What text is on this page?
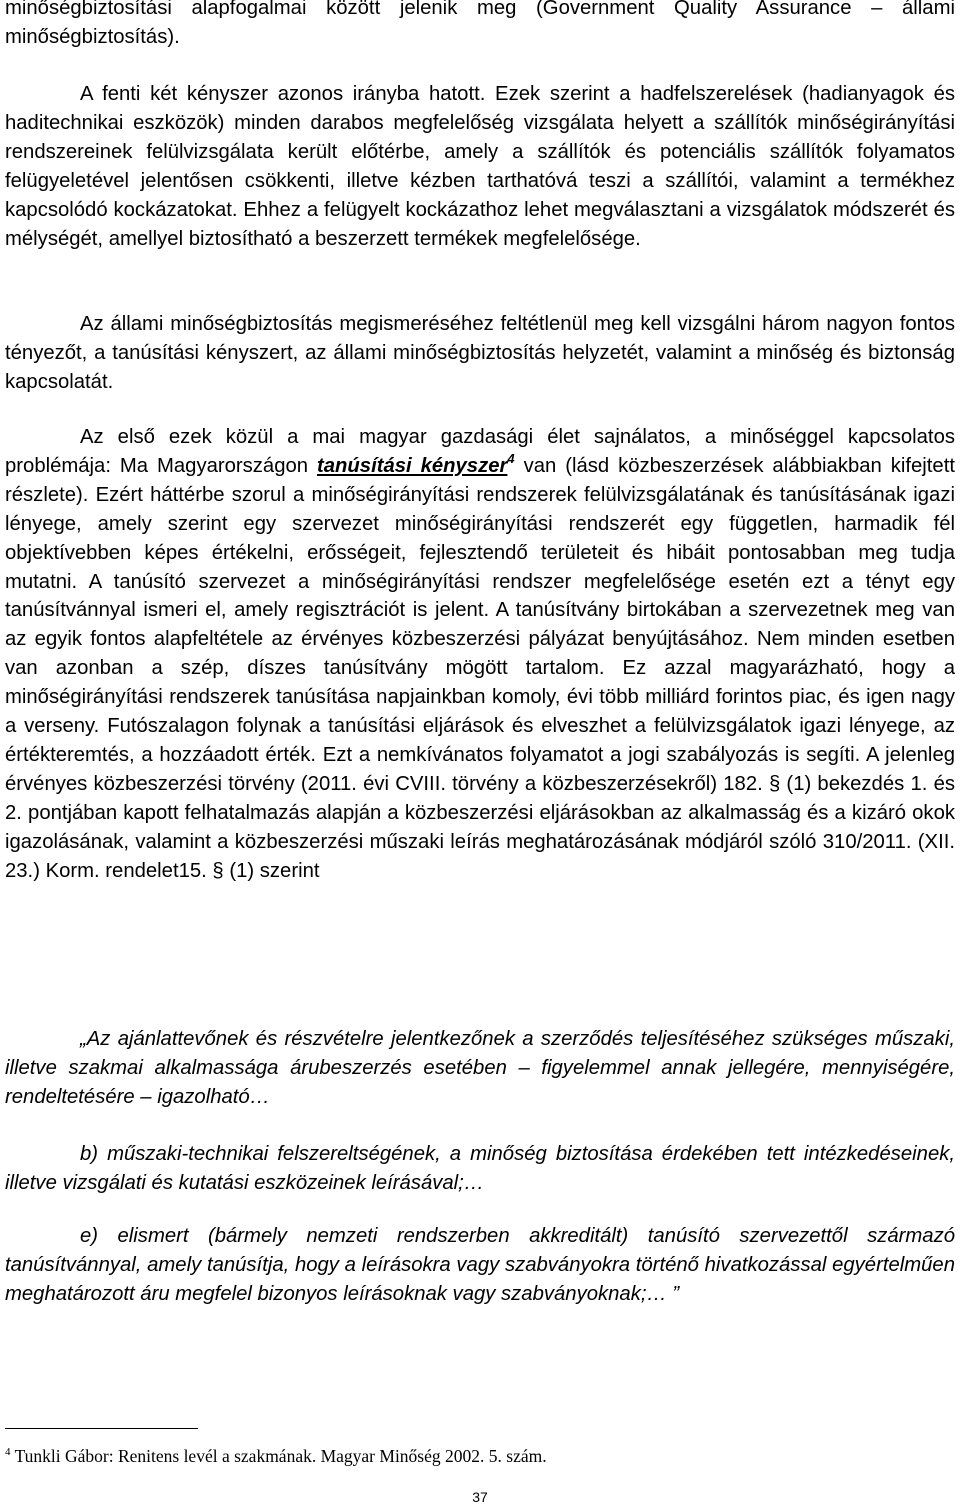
minőségbiztosítási alapfogalmai között jelenik meg (Government Quality Assurance – állami minőségbiztosítás).

A fenti két kényszer azonos irányba hatott. Ezek szerint a hadfelszerelések (hadianyagok és haditechnikai eszközök) minden darabos megfelelőség vizsgálata helyett a szállítók minőségirányítási rendszereinek felülvizsgálata került előtérbe, amely a szállítók és potenciális szállítók folyamatos felügyeletével jelentősen csökkenti, illetve kézben tarthatóvá teszi a szállítói, valamint a termékhez kapcsolódó kockázatokat. Ehhez a felügyelt kockázathoz lehet megválasztani a vizsgálatok módszerét és mélységét, amellyel biztosítható a beszerzett termékek megfelelősége.

Az állami minőségbiztosítás megismeréséhez feltétlenül meg kell vizsgálni három nagyon fontos tényezőt, a tanúsítási kényszert, az állami minőségbiztosítás helyzetét, valamint a minőség és biztonság kapcsolatát.

Az első ezek közül a mai magyar gazdasági élet sajnálatos, a minőséggel kapcsolatos problémája: Ma Magyarországon tanúsítási kényszer$^4$ van (lásd közbeszerzések alábbiakban kifejtett részlete). Ezért háttérbe szorul a minőségirányítási rendszerek felülvizsgálatának és tanúsításának igazi lényege, amely szerint egy szervezet minőségirányítási rendszerét egy független, harmadik fél objektívebben képes értékelni, erősségeit, fejlesztendő területeit és hibáit pontosabban meg tudja mutatni. A tanúsító szervezet a minőségirányítási rendszer megfelelősége esetén ezt a tényt egy tanúsítvánnyal ismeri el, amely regisztrációt is jelent. A tanúsítvány birtokában a szervezetnek meg van az egyik fontos alapfeltétele az érvényes közbeszerzési pályázat benyújtásához. Nem minden esetben van azonban a szép, díszes tanúsítvány mögött tartalom. Ez azzal magyarázható, hogy a minőségirányítási rendszerek tanúsítása napjainkban komoly, évi több milliárd forintos piac, és igen nagy a verseny. Futószalagon folynak a tanúsítási eljárások és elveszhet a felülvizsgálatok igazi lényege, az értékteremtés, a hozzáadott érték. Ezt a nemkívánatos folyamatot a jogi szabályozás is segíti. A jelenleg érvényes közbeszerzési törvény (2011. évi CVIII. törvény a közbeszerzésekről) 182. § (1) bekezdés 1. és 2. pontjában kapott felhatalmazás alapján a közbeszerzési eljárásokban az alkalmasság és a kizáró okok igazolásának, valamint a közbeszerzési műszaki leírás meghatározásának módjáról szóló 310/2011. (XII. 23.) Korm. rendelet15. § (1) szerint

„Az ajánlattevőnek és részvételre jelentkezőnek a szerződés teljesítéséhez szükséges műszaki, illetve szakmai alkalmassága árubeszerzés esetében – figyelemmel annak jellegére, mennyiségére, rendeltetésére – igazolható…

b) műszaki-technikai felszereltségének, a minőség biztosítása érdekében tett intézkedéseinek, illetve vizsgálati és kutatási eszközeinek leírásával;…

e) elismert (bármely nemzeti rendszerben akkreditált) tanúsító szervezettől származó tanúsítvánnyal, amely tanúsítja, hogy a leírásokra vagy szabványokra történő hivatkozással egyértelműen meghatározott áru megfelel bizonyos leírásoknak vagy szabványoknak;… ”

$^4$ Tunkli Gábor: Renitens levél a szakmának. Magyar Minőség 2002. 5. szám.

37
